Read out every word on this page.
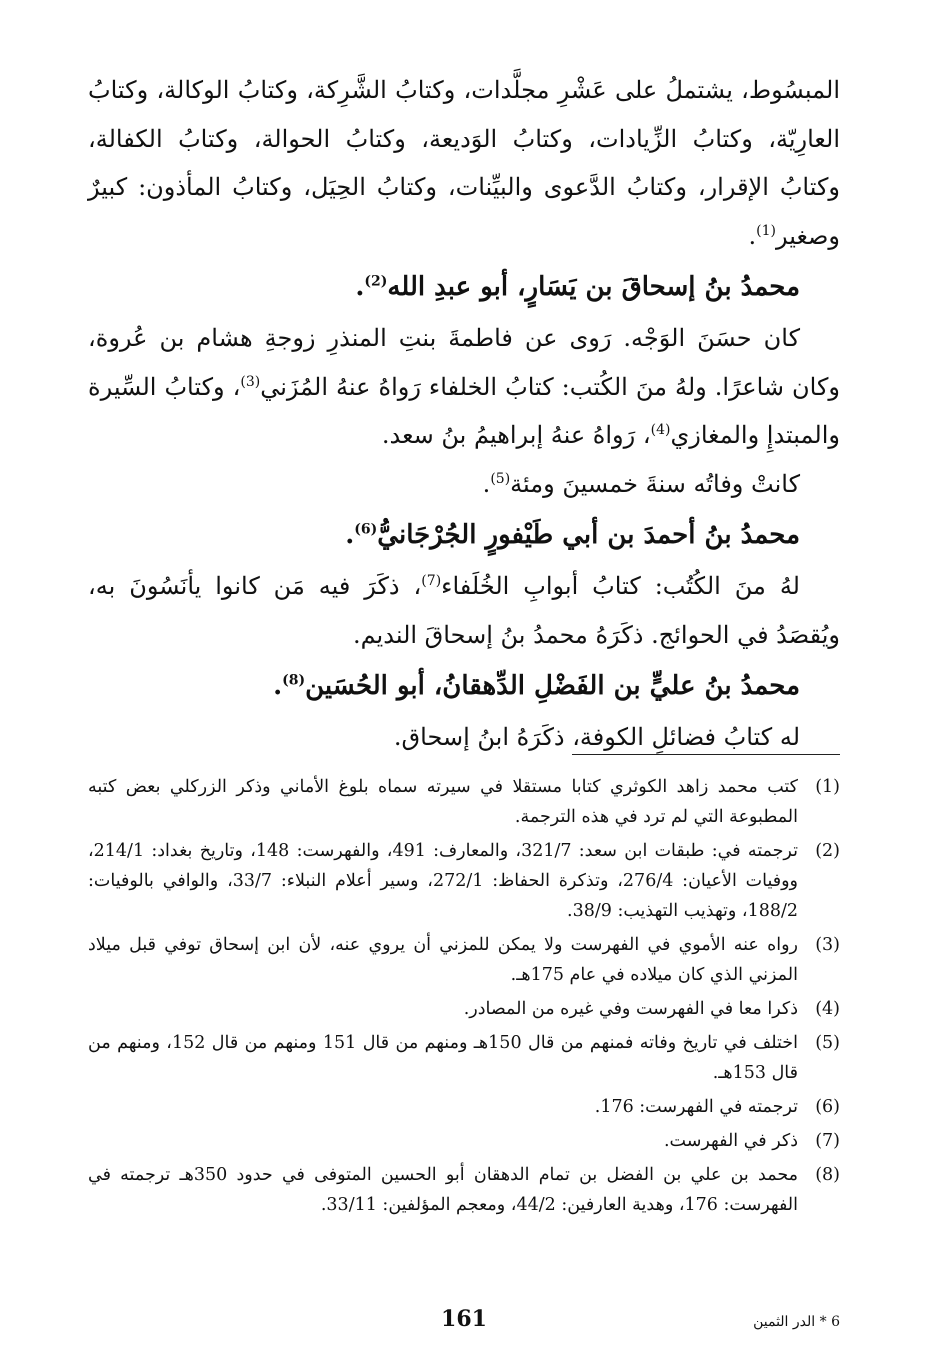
المبسُوط، يشتملُ على عَشْرِ مجلَّدات، وكتابُ الشَّرِكة، وكتابُ الوكالة، وكتابُ العارِيّة، وكتابُ الزِّيادات، وكتابُ الوَديعة، وكتابُ الحوالة، وكتابُ الكفالة، وكتابُ الإقرار، وكتابُ الدَّعوى والبيِّنات، وكتابُ الحِيَل، وكتابُ المأذون: كبيرٌ وصغير$^{(1)}$.

محمدُ بنُ إسحاقَ بن يَسَارٍ، أبو عبدِ الله$^{(2)}$.

كان حسَنَ الوَجْه. رَوى عن فاطمةَ بنتِ المنذرِ زوجةِ هشام بن عُروة، وكان شاعرًا. ولهُ منَ الكُتب: كتابُ الخلفاء رَواهُ عنهُ المُزَني$^{(3)}$، وكتابُ السِّيرة والمبتدإِ والمغازي$^{(4)}$، رَواهُ عنهُ إبراهيمُ بنُ سعد.

كانتْ وفاتُه سنةَ خمسينَ ومئة$^{(5)}$.

محمدُ بنُ أحمدَ بن أبي طَيْفورٍ الجُرْجَانيُّ$^{(6)}$.

لهُ منَ الكُتُب: كتابُ أبوابِ الخُلَفاء$^{(7)}$، ذكَرَ فيه مَن كانوا يأنَسُونَ به، ويُقصَدُ في الحوائج. ذكَرَهُ محمدُ بنُ إسحاقَ النديم.

محمدُ بنُ عليٍّ بن الفَضْلِ الدِّهقانُ، أبو الحُسَين$^{(8)}$.

له كتابُ فضائلِ الكوفة، ذكَرَهُ ابنُ إسحاق.

(1)
كتب محمد زاهد الكوثري كتابا مستقلا في سيرته سماه بلوغ الأماني وذكر الزركلي بعض كتبه المطبوعة التي لم ترد في هذه الترجمة.
(2)
ترجمته في: طبقات ابن سعد: 321/7، والمعارف: 491، والفهرست: 148، وتاريخ بغداد: 214/1، ووفيات الأعيان: 276/4، وتذكرة الحفاظ: 272/1، وسير أعلام النبلاء: 33/7، والوافي بالوفيات: 188/2، وتهذيب التهذيب: 38/9.
(3)
رواه عنه الأموي في الفهرست ولا يمكن للمزني أن يروي عنه، لأن ابن إسحاق توفي قبل ميلاد المزني الذي كان ميلاده في عام 175هـ.
(4)
ذكرا معا في الفهرست وفي غيره من المصادر.
(5)
اختلف في تاريخ وفاته فمنهم من قال 150هـ ومنهم من قال 151 ومنهم من قال 152، ومنهم من قال 153هـ.
(6)
ترجمته في الفهرست: 176.
(7)
ذكر في الفهرست.
(8)
محمد بن علي بن الفضل بن تمام الدهقان أبو الحسين المتوفى في حدود 350هـ ترجمته في الفهرست: 176، وهدية العارفين: 44/2، ومعجم المؤلفين: 33/11.
161	6 * الدر الثمين
